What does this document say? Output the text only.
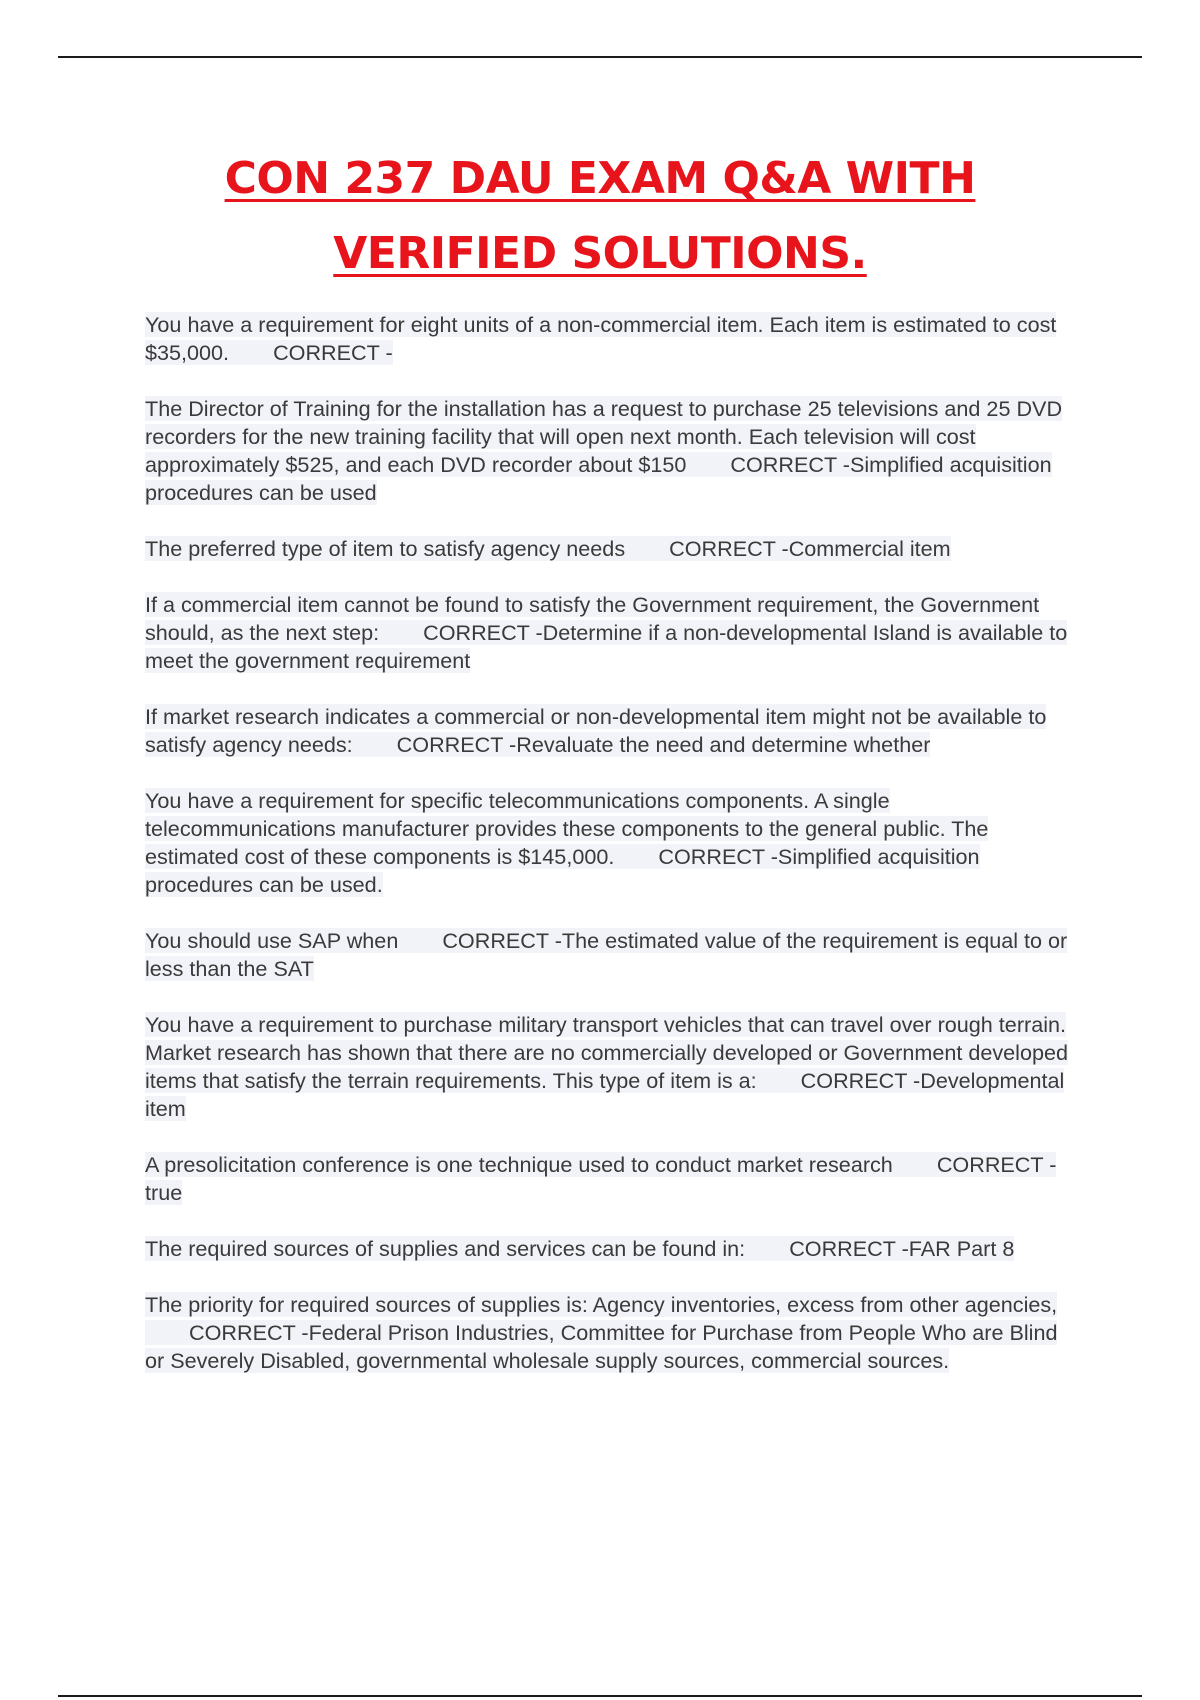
CON 237 DAU EXAM Q&A WITH
VERIFIED SOLUTIONS.

You have a requirement for eight units of a non-commercial item. Each item is estimated to cost $35,000. CORRECT -

The Director of Training for the installation has a request to purchase 25 televisions and 25 DVD recorders for the new training facility that will open next month. Each television will cost approximately $525, and each DVD recorder about $150 CORRECT -Simplified acquisition procedures can be used

The preferred type of item to satisfy agency needs CORRECT -Commercial item

If a commercial item cannot be found to satisfy the Government requirement, the Government should, as the next step: CORRECT -Determine if a non-developmental Island is available to meet the government requirement

If market research indicates a commercial or non-developmental item might not be available to satisfy agency needs: CORRECT -Revaluate the need and determine whether

You have a requirement for specific telecommunications components. A single telecommunications manufacturer provides these components to the general public. The estimated cost of these components is $145,000. CORRECT -Simplified acquisition procedures can be used.

You should use SAP when CORRECT -The estimated value of the requirement is equal to or less than the SAT

You have a requirement to purchase military transport vehicles that can travel over rough terrain. Market research has shown that there are no commercially developed or Government developed items that satisfy the terrain requirements. This type of item is a: CORRECT -Developmental item

A presolicitation conference is one technique used to conduct market research CORRECT -true

The required sources of supplies and services can be found in: CORRECT -FAR Part 8

The priority for required sources of supplies is: Agency inventories, excess from other agencies,CORRECT -Federal Prison Industries, Committee for Purchase from People Who are Blind or Severely Disabled, governmental wholesale supply sources, commercial sources.
